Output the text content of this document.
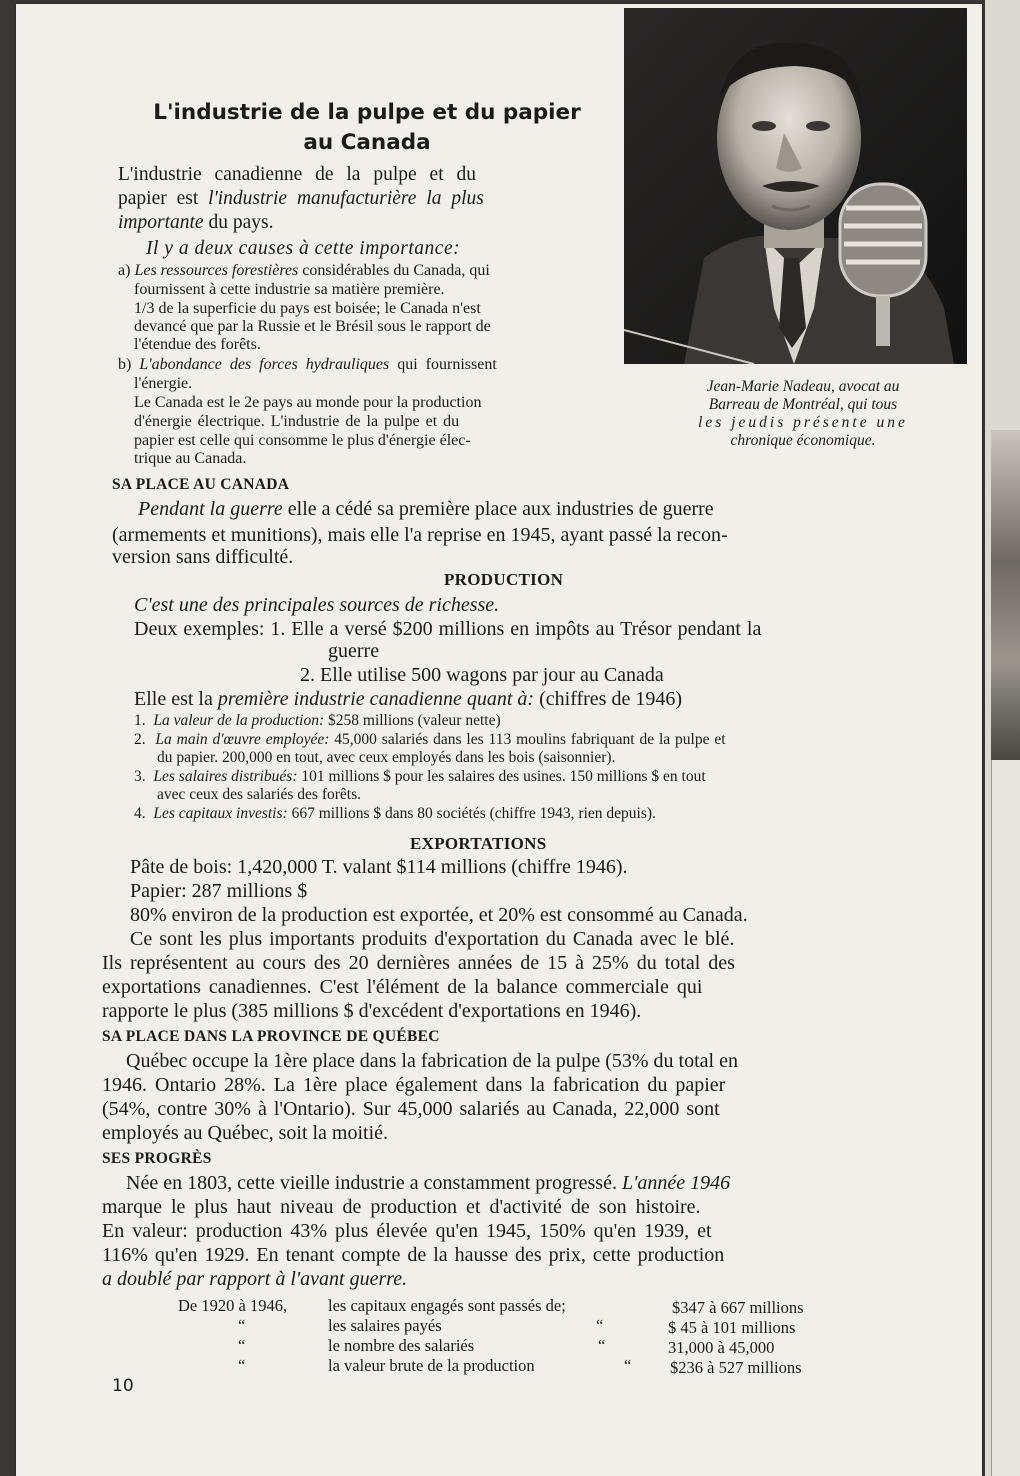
L'industrie de la pulpe et du papier
au Canada
L'industrie canadienne de la pulpe et du
papier est l'industrie manufacturière la plus
importante du pays.
Il y a deux causes à cette importance:
a) Les ressources forestières considérables du Canada, qui
fournissent à cette industrie sa matière première.
1/3 de la superficie du pays est boisée; le Canada n'est
devancé que par la Russie et le Brésil sous le rapport de
l'étendue des forêts.
b) L'abondance des forces hydrauliques qui fournissent
l'énergie.
Le Canada est le 2e pays au monde pour la production
d'énergie électrique. L'industrie de la pulpe et du
papier est celle qui consomme le plus d'énergie élec-
trique au Canada.
Jean-Marie Nadeau, avocat au
Barreau de Montréal, qui tous
les jeudis présente une
chronique économique.
SA PLACE AU CANADA
Pendant la guerre elle a cédé sa première place aux industries de guerre
(armements et munitions), mais elle l'a reprise en 1945, ayant passé la recon-
version sans difficulté.
PRODUCTION
C'est une des principales sources de richesse.
Deux exemples: 1. Elle a versé $200 millions en impôts au Trésor pendant la
guerre
2. Elle utilise 500 wagons par jour au Canada
Elle est la première industrie canadienne quant à: (chiffres de 1946)
1. La valeur de la production: $258 millions (valeur nette)
2. La main d'œuvre employée: 45,000 salariés dans les 113 moulins fabriquant de la pulpe et
du papier. 200,000 en tout, avec ceux employés dans les bois (saisonnier).
3. Les salaires distribués: 101 millions $ pour les salaires des usines. 150 millions $ en tout
avec ceux des salariés des forêts.
4. Les capitaux investis: 667 millions $ dans 80 sociétés (chiffre 1943, rien depuis).
EXPORTATIONS
Pâte de bois: 1,420,000 T. valant $114 millions (chiffre 1946).
Papier: 287 millions $
80% environ de la production est exportée, et 20% est consommé au Canada.
Ce sont les plus importants produits d'exportation du Canada avec le blé.
Ils représentent au cours des 20 dernières années de 15 à 25% du total des
exportations canadiennes. C'est l'élément de la balance commerciale qui
rapporte le plus (385 millions $ d'excédent d'exportations en 1946).
SA PLACE DANS LA PROVINCE DE QUÉBEC
Québec occupe la 1ère place dans la fabrication de la pulpe (53% du total en
1946. Ontario 28%. La 1ère place également dans la fabrication du papier
(54%, contre 30% à l'Ontario). Sur 45,000 salariés au Canada, 22,000 sont
employés au Québec, soit la moitié.
SES PROGRÈS
Née en 1803, cette vieille industrie a constamment progressé. L'année 1946
marque le plus haut niveau de production et d'activité de son histoire.
En valeur: production 43% plus élevée qu'en 1945, 150% qu'en 1939, et
116% qu'en 1929. En tenant compte de la hausse des prix, cette production
a doublé par rapport à l'avant guerre.
De 1920 à 1946, les capitaux engagés sont passés de;	$347 à 667 millions
“	les salaires payés	“	$ 45 à 101 millions
“	le nombre des salariés	“	31,000 à 45,000
“	la valeur brute de la production	“ $236 à 527 millions
10
